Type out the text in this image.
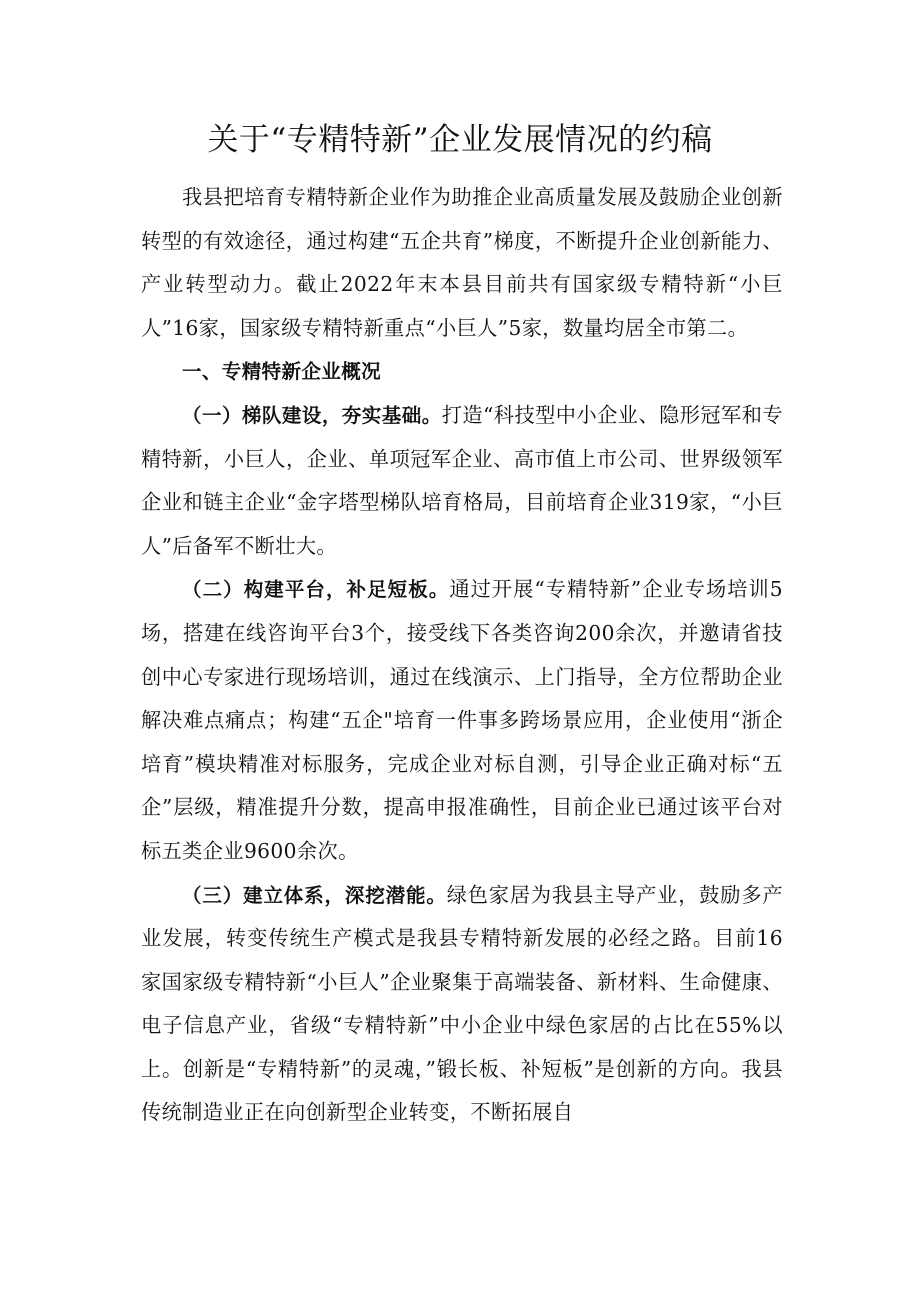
关于“专精特新”企业发展情况的约稿

我县把培育专精特新企业作为助推企业高质量发展及鼓励企业创新转型的有效途径，通过构建“五企共育”梯度，不断提升企业创新能力、产业转型动力。截止2022年末本县目前共有国家级专精特新“小巨人”16家，国家级专精特新重点“小巨人”5家，数量均居全市第二。

一、专精特新企业概况

（一）梯队建设，夯实基础。打造“科技型中小企业、隐形冠军和专精特新，小巨人，企业、单项冠军企业、高市值上市公司、世界级领军企业和链主企业“金字塔型梯队培育格局，目前培育企业319家，“小巨人”后备军不断壮大。

（二）构建平台，补足短板。通过开展“专精特新”企业专场培训5场，搭建在线咨询平台3个，接受线下各类咨询200余次，并邀请省技创中心专家进行现场培训，通过在线演示、上门指导，全方位帮助企业解决难点痛点；构建“五企"培育一件事多跨场景应用，企业使用“浙企培育”模块精准对标服务，完成企业对标自测，引导企业正确对标“五企”层级，精准提升分数，提高申报准确性，目前企业已通过该平台对标五类企业9600余次。

（三）建立体系，深挖潜能。绿色家居为我县主导产业，鼓励多产业发展，转变传统生产模式是我县专精特新发展的必经之路。目前16家国家级专精特新“小巨人”企业聚集于高端装备、新材料、生命健康、电子信息产业，省级“专精特新”中小企业中绿色家居的占比在55%以上。创新是“专精特新”的灵魂，”锻长板、补短板”是创新的方向。我县传统制造业正在向创新型企业转变，不断拓展自
